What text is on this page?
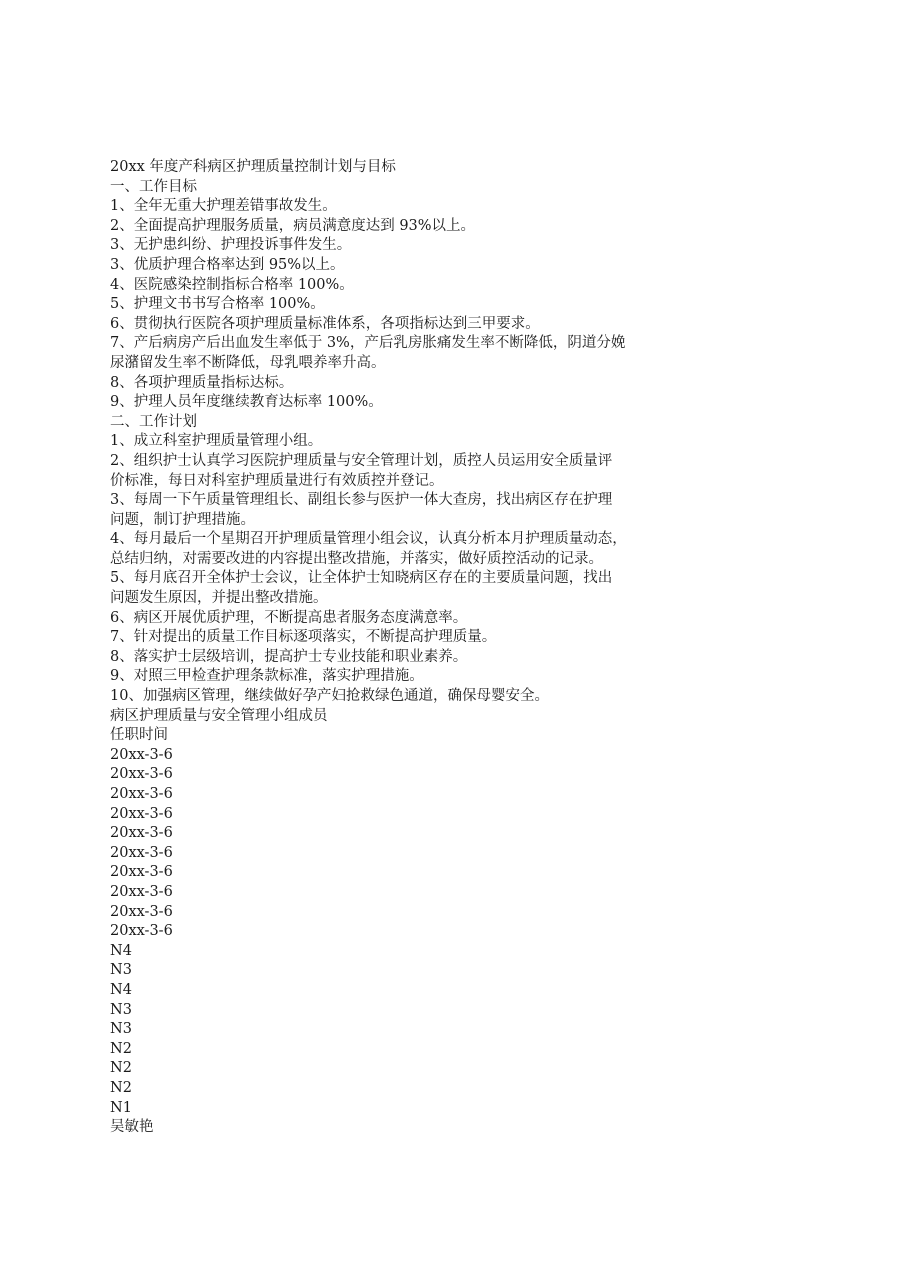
20xx 年度产科病区护理质量控制计划与目标

一、工作目标

1、全年无重大护理差错事故发生。

2、全面提高护理服务质量，病员满意度达到 93%以上。

3、无护患纠纷、护理投诉事件发生。

3、优质护理合格率达到 95%以上。

4、医院感染控制指标合格率 100%。

5、护理文书书写合格率 100%。

6、贯彻执行医院各项护理质量标准体系，各项指标达到三甲要求。

7、产后病房产后出血发生率低于 3%，产后乳房胀痛发生率不断降低，阴道分娩

尿潴留发生率不断降低，母乳喂养率升高。

8、各项护理质量指标达标。

9、护理人员年度继续教育达标率 100%。

二、工作计划

1、成立科室护理质量管理小组。

2、组织护士认真学习医院护理质量与安全管理计划，质控人员运用安全质量评

价标准，每日对科室护理质量进行有效质控并登记。

3、每周一下午质量管理组长、副组长参与医护一体大查房，找出病区存在护理

问题，制订护理措施。

4、每月最后一个星期召开护理质量管理小组会议，认真分析本月护理质量动态，

总结归纳，对需要改进的内容提出整改措施，并落实，做好质控活动的记录。

5、每月底召开全体护士会议，让全体护士知晓病区存在的主要质量问题，找出

问题发生原因，并提出整改措施。

6、病区开展优质护理，不断提高患者服务态度满意率。

7、针对提出的质量工作目标逐项落实，不断提高护理质量。

8、落实护士层级培训，提高护士专业技能和职业素养。

9、对照三甲检查护理条款标准，落实护理措施。

10、加强病区管理，继续做好孕产妇抢救绿色通道，确保母婴安全。

病区护理质量与安全管理小组成员

任职时间

20xx-3-6

20xx-3-6

20xx-3-6

20xx-3-6

20xx-3-6

20xx-3-6

20xx-3-6

20xx-3-6

20xx-3-6

20xx-3-6

N4

N3

N4

N3

N3

N2

N2

N2

N1

吴敏艳
